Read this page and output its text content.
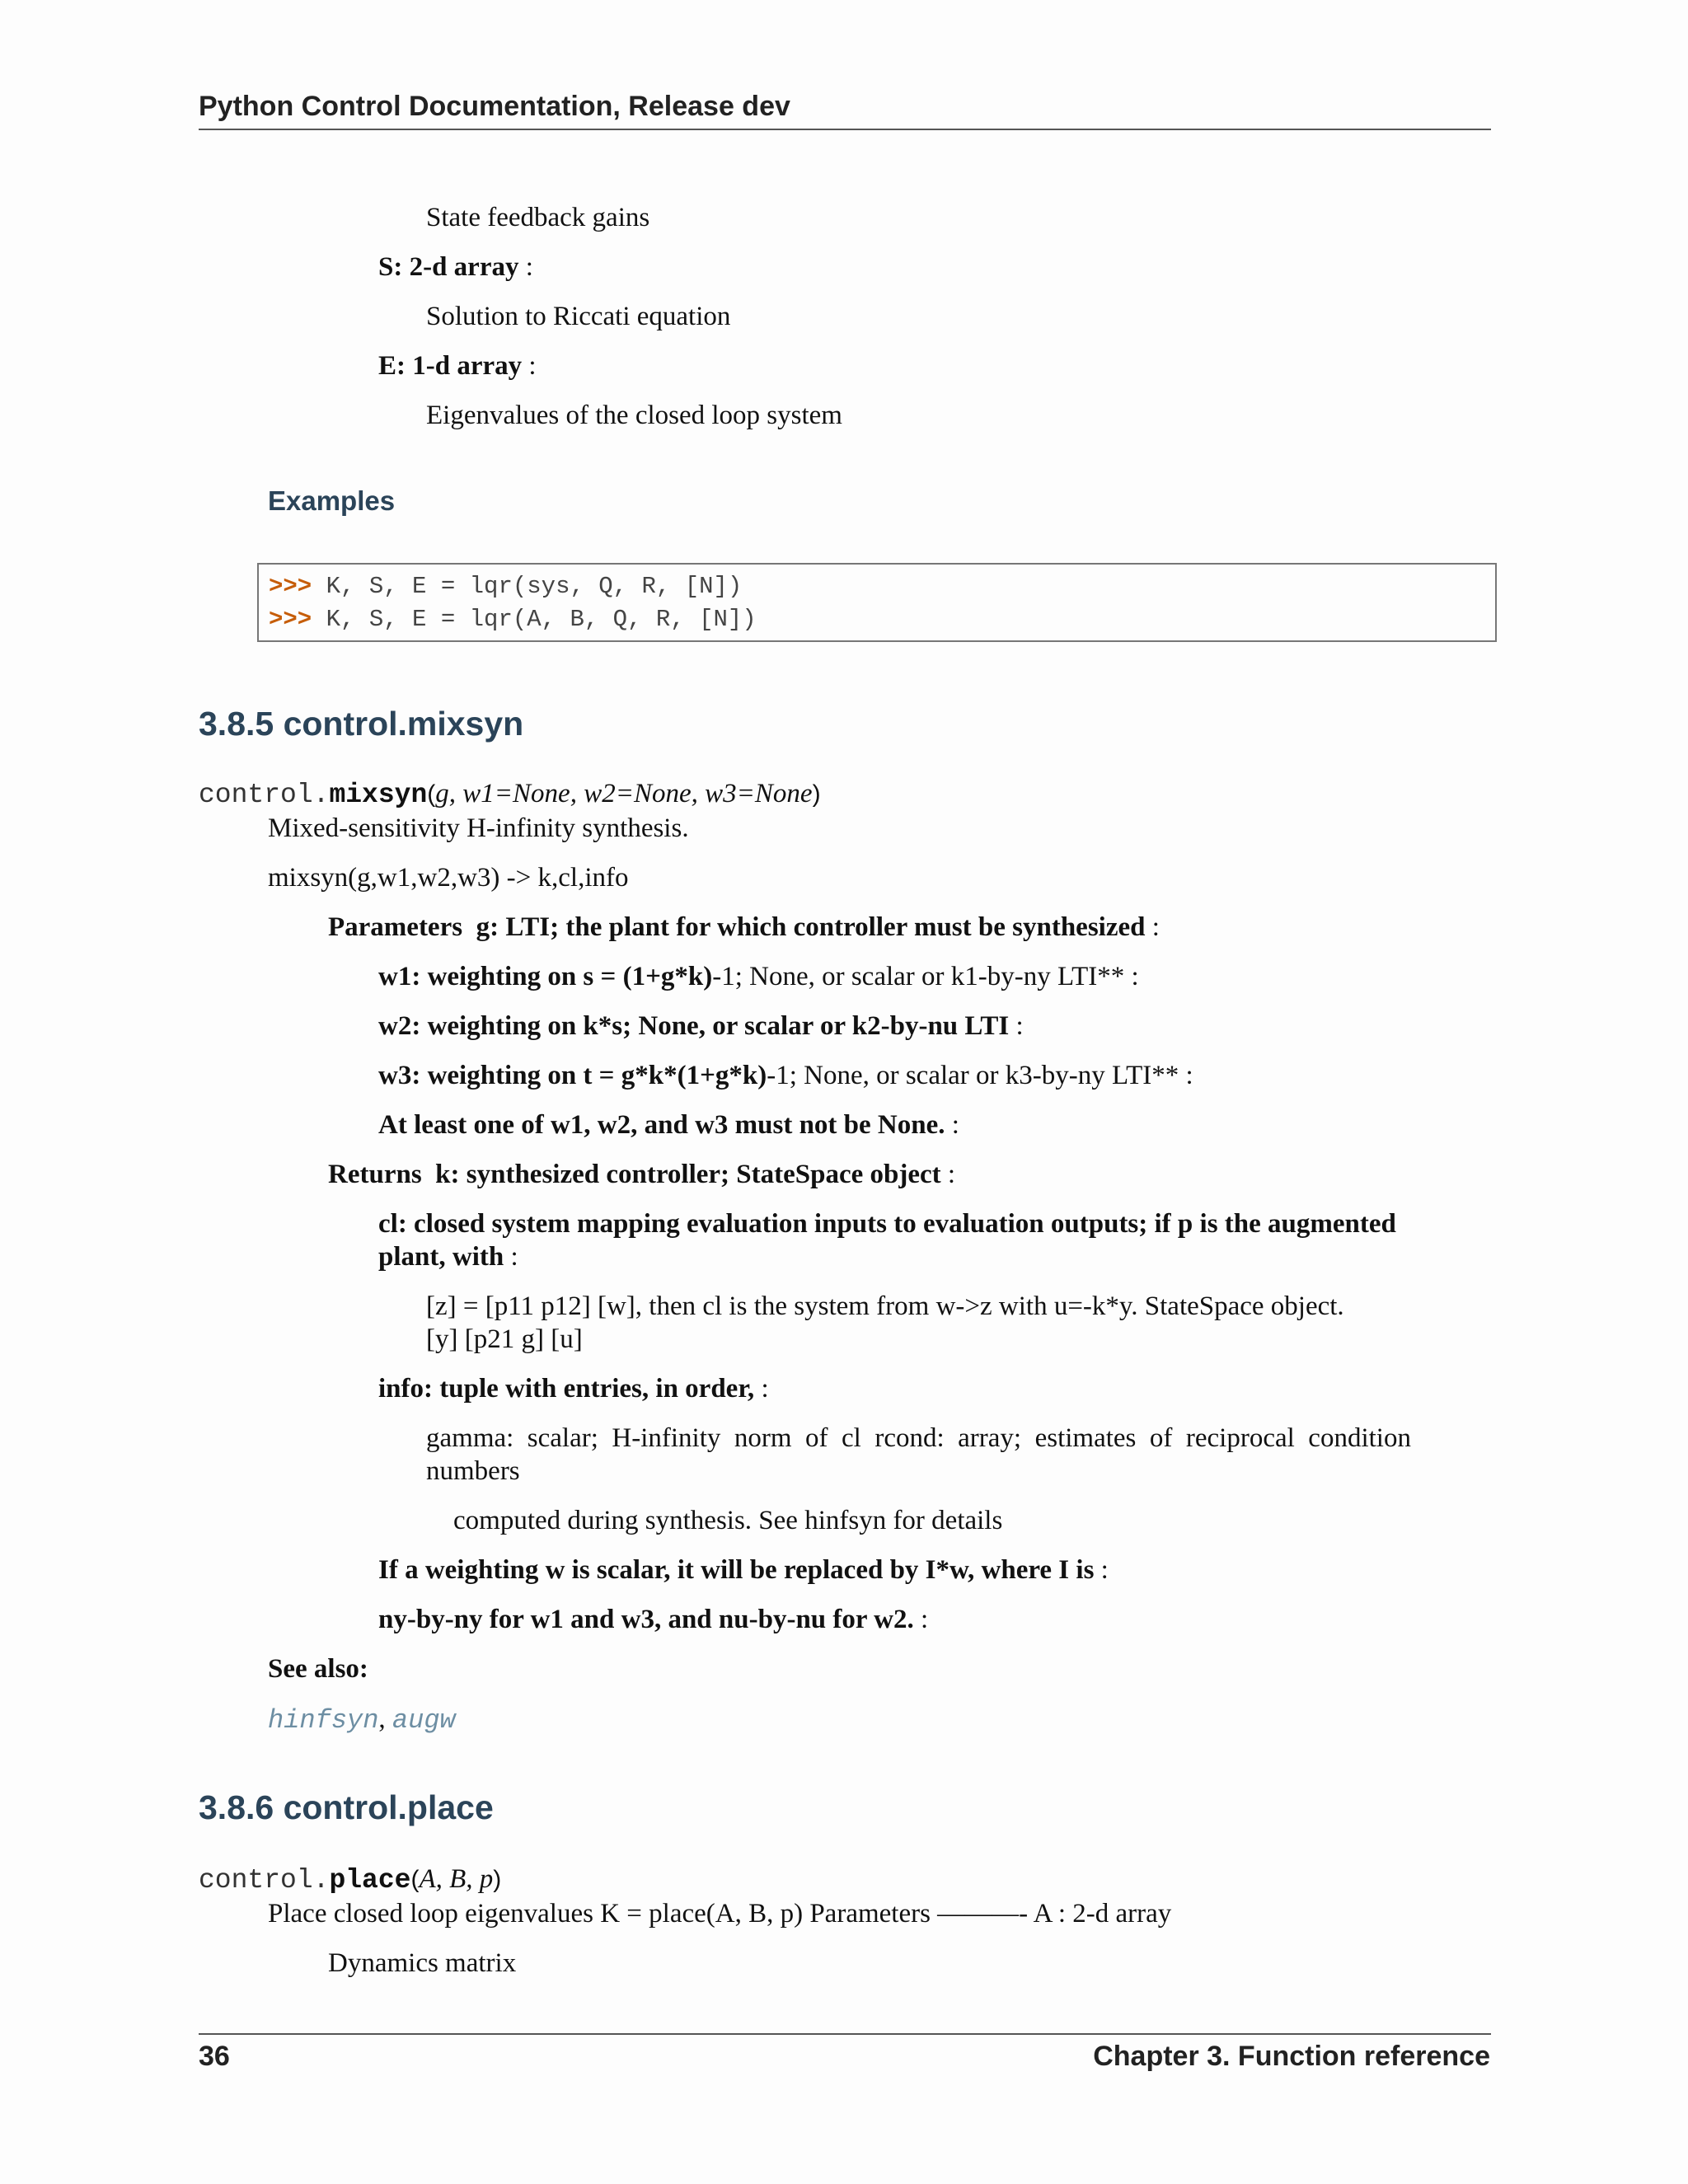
Python Control Documentation, Release dev
State feedback gains
S: 2-d array :
Solution to Riccati equation
E: 1-d array :
Eigenvalues of the closed loop system
Examples
>>> K, S, E = lqr(sys, Q, R, [N])
>>> K, S, E = lqr(A, B, Q, R, [N])
3.8.5 control.mixsyn
control.mixsyn(g, w1=None, w2=None, w3=None)
Mixed-sensitivity H-infinity synthesis.
mixsyn(g,w1,w2,w3) -> k,cl,info
Parameters g: LTI; the plant for which controller must be synthesized :
w1: weighting on s = (1+g*k)-1; None, or scalar or k1-by-ny LTI** :
w2: weighting on k*s; None, or scalar or k2-by-nu LTI :
w3: weighting on t = g*k*(1+g*k)-1; None, or scalar or k3-by-ny LTI** :
At least one of w1, w2, and w3 must not be None. :
Returns k: synthesized controller; StateSpace object :
cl: closed system mapping evaluation inputs to evaluation outputs; if p is the augmented
plant, with :
[z] = [p11 p12] [w], then cl is the system from w->z with u=-k*y. StateSpace object.
[y] [p21 g] [u]
info: tuple with entries, in order, :
gamma:  scalar;  H-infinity  norm  of  cl  rcond:  array;  estimates  of  reciprocal  condition
numbers
computed during synthesis. See hinfsyn for details
If a weighting w is scalar, it will be replaced by I*w, where I is :
ny-by-ny for w1 and w3, and nu-by-nu for w2. :
See also:
hinfsyn, augw
3.8.6 control.place
control.place(A, B, p)
Place closed loop eigenvalues K = place(A, B, p) Parameters ———- A : 2-d array
Dynamics matrix
36	Chapter 3. Function reference
